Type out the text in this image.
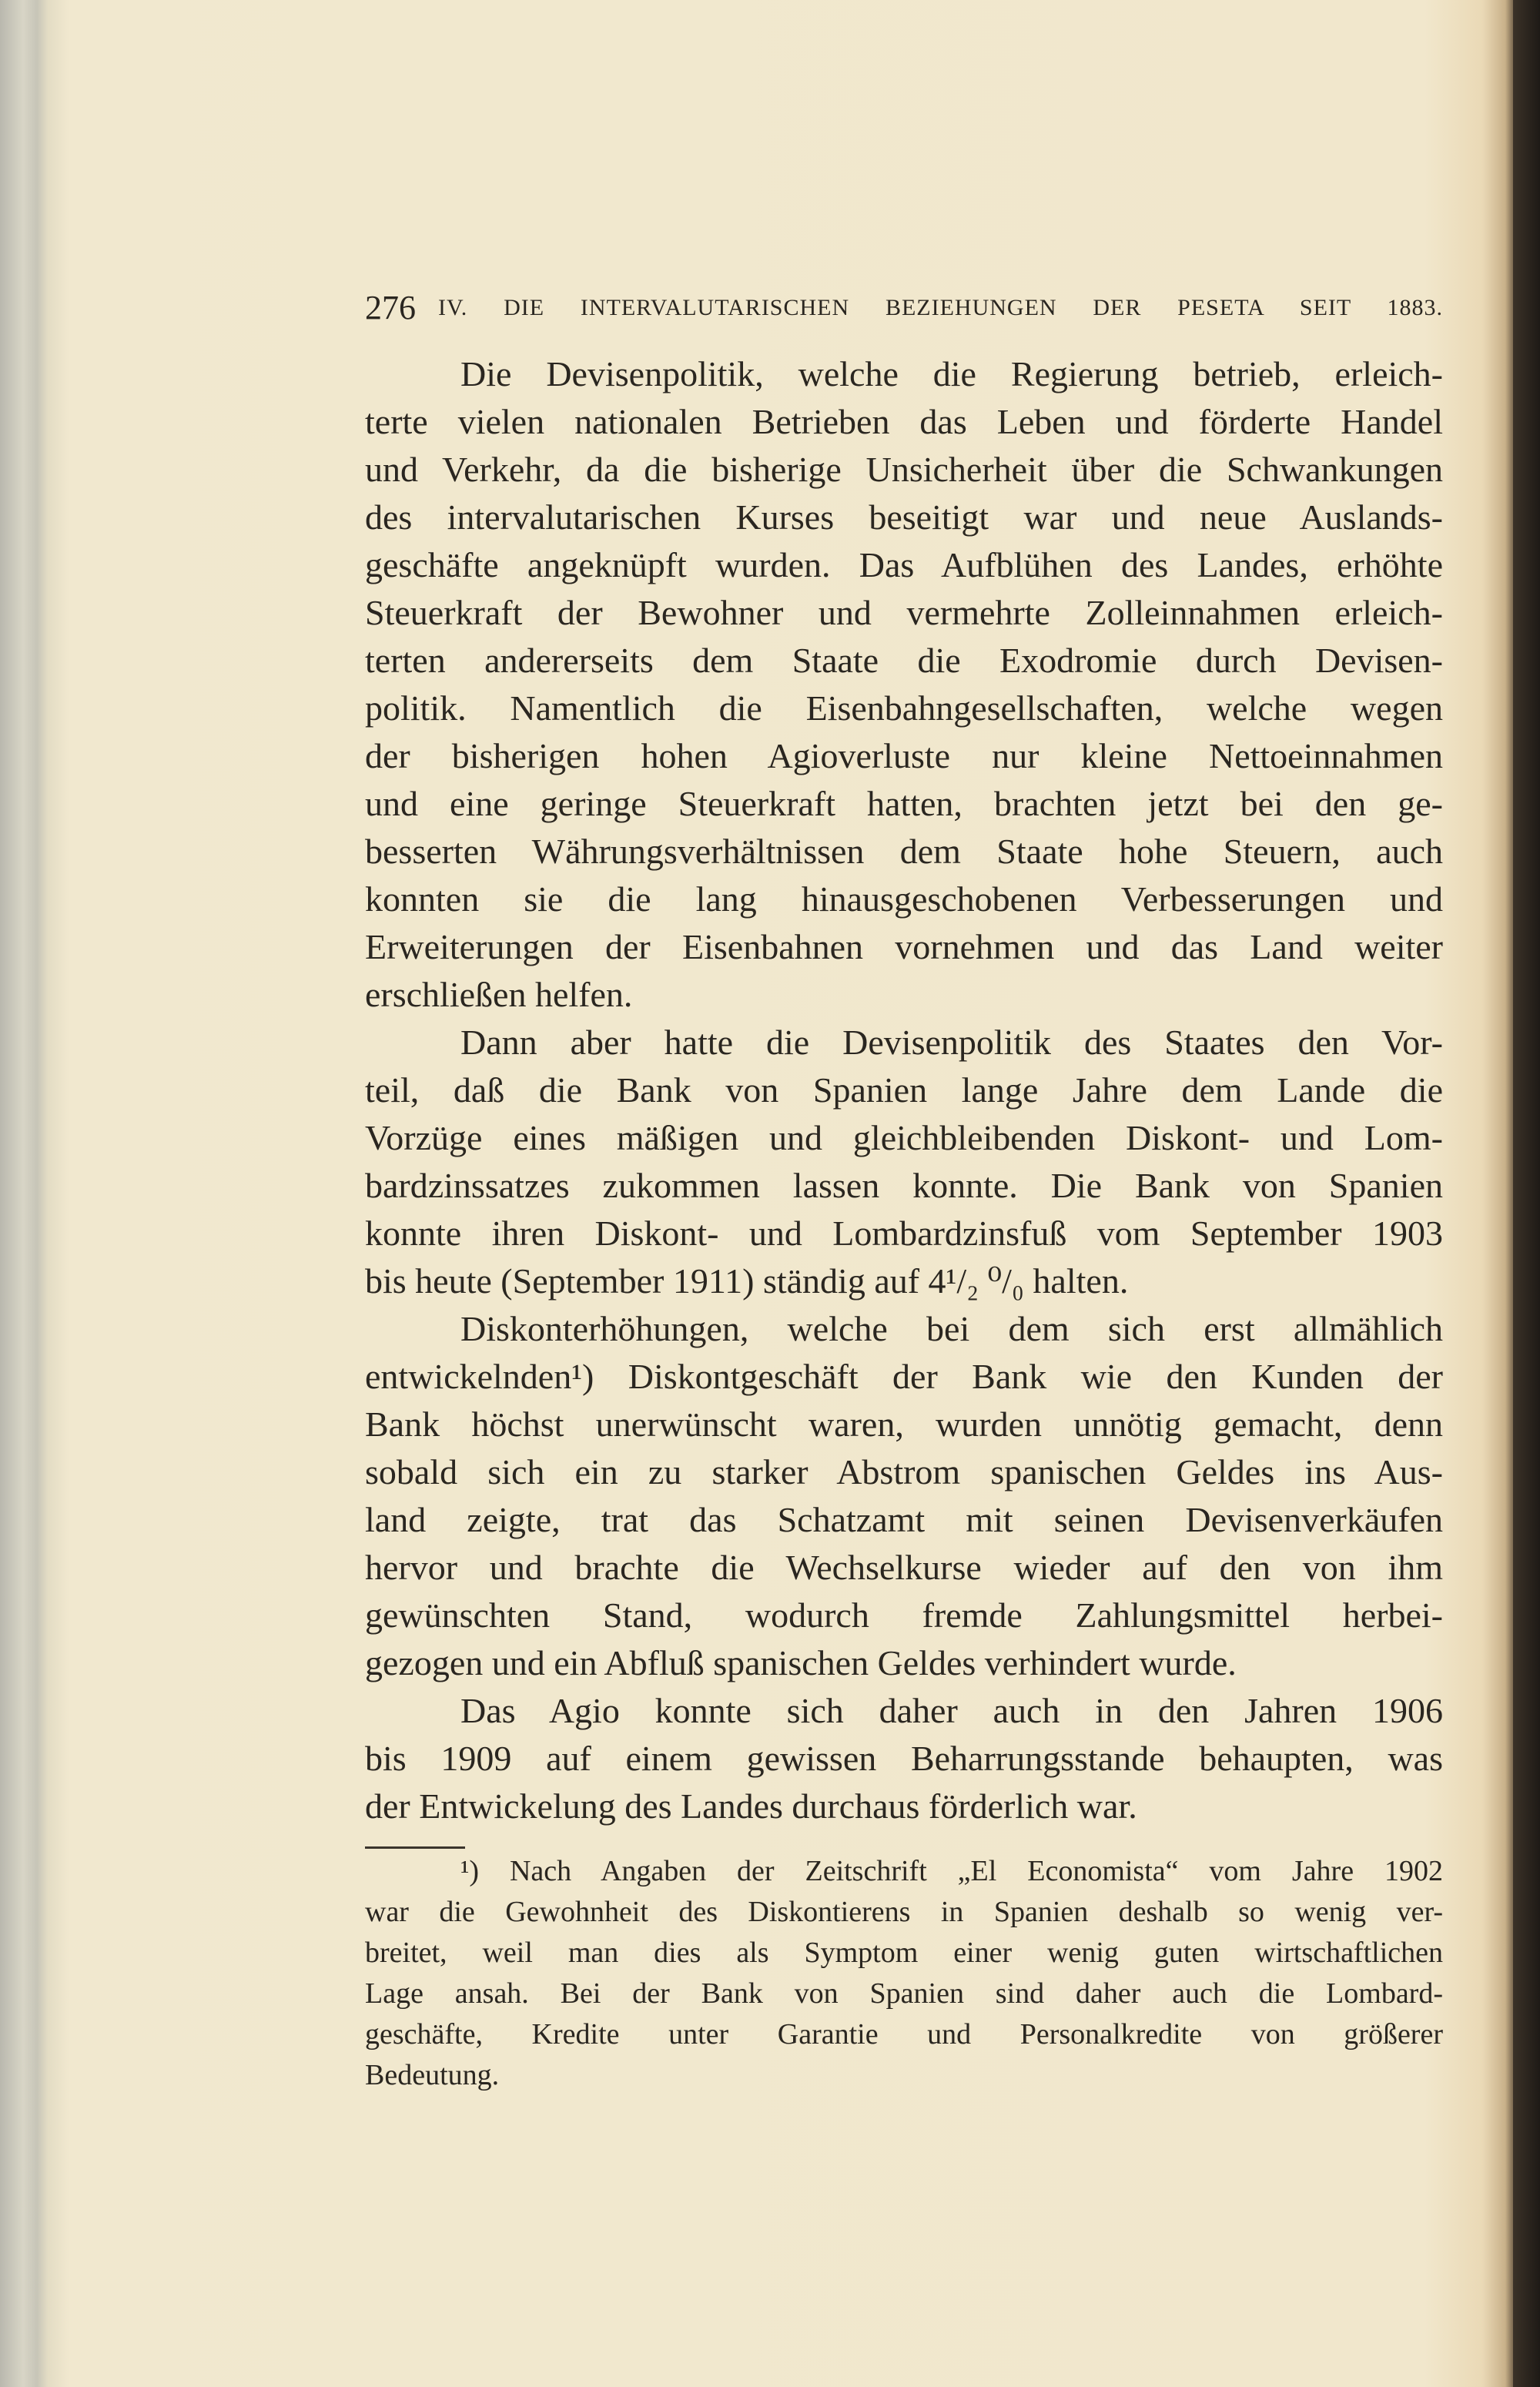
276 IV. DIE INTERVALUTARISCHEN BEZIEHUNGEN DER PESETA SEIT 1883.
Die Devisenpolitik, welche die Regierung betrieb, erleich-
terte vielen nationalen Betrieben das Leben und förderte Handel
und Verkehr, da die bisherige Unsicherheit über die Schwankungen
des intervalutarischen Kurses beseitigt war und neue Auslands-
geschäfte angeknüpft wurden. Das Aufblühen des Landes, erhöhte
Steuerkraft der Bewohner und vermehrte Zolleinnahmen erleich-
terten andererseits dem Staate die Exodromie durch Devisen-
politik. Namentlich die Eisenbahngesellschaften, welche wegen
der bisherigen hohen Agioverluste nur kleine Nettoeinnahmen
und eine geringe Steuerkraft hatten, brachten jetzt bei den ge-
besserten Währungsverhältnissen dem Staate hohe Steuern, auch
konnten sie die lang hinausgeschobenen Verbesserungen und
Erweiterungen der Eisenbahnen vornehmen und das Land weiter
erschließen helfen.
Dann aber hatte die Devisenpolitik des Staates den Vor-
teil, daß die Bank von Spanien lange Jahre dem Lande die
Vorzüge eines mäßigen und gleichbleibenden Diskont- und Lom-
bardzinssatzes zukommen lassen konnte. Die Bank von Spanien
konnte ihren Diskont- und Lombardzinsfuß vom September 1903
bis heute (September 1911) ständig auf 4¹/₂ ⁰/₀ halten.
Diskonterhöhungen, welche bei dem sich erst allmählich
entwickelnden¹) Diskontgeschäft der Bank wie den Kunden der
Bank höchst unerwünscht waren, wurden unnötig gemacht, denn
sobald sich ein zu starker Abstrom spanischen Geldes ins Aus-
land zeigte, trat das Schatzamt mit seinen Devisenverkäufen
hervor und brachte die Wechselkurse wieder auf den von ihm
gewünschten Stand, wodurch fremde Zahlungsmittel herbei-
gezogen und ein Abfluß spanischen Geldes verhindert wurde.
Das Agio konnte sich daher auch in den Jahren 1906
bis 1909 auf einem gewissen Beharrungsstande behaupten, was
der Entwickelung des Landes durchaus förderlich war.
¹) Nach Angaben der Zeitschrift „El Economista“ vom Jahre 1902
war die Gewohnheit des Diskontierens in Spanien deshalb so wenig ver-
breitet, weil man dies als Symptom einer wenig guten wirtschaftlichen
Lage ansah. Bei der Bank von Spanien sind daher auch die Lombard-
geschäfte, Kredite unter Garantie und Personalkredite von größerer
Bedeutung.
